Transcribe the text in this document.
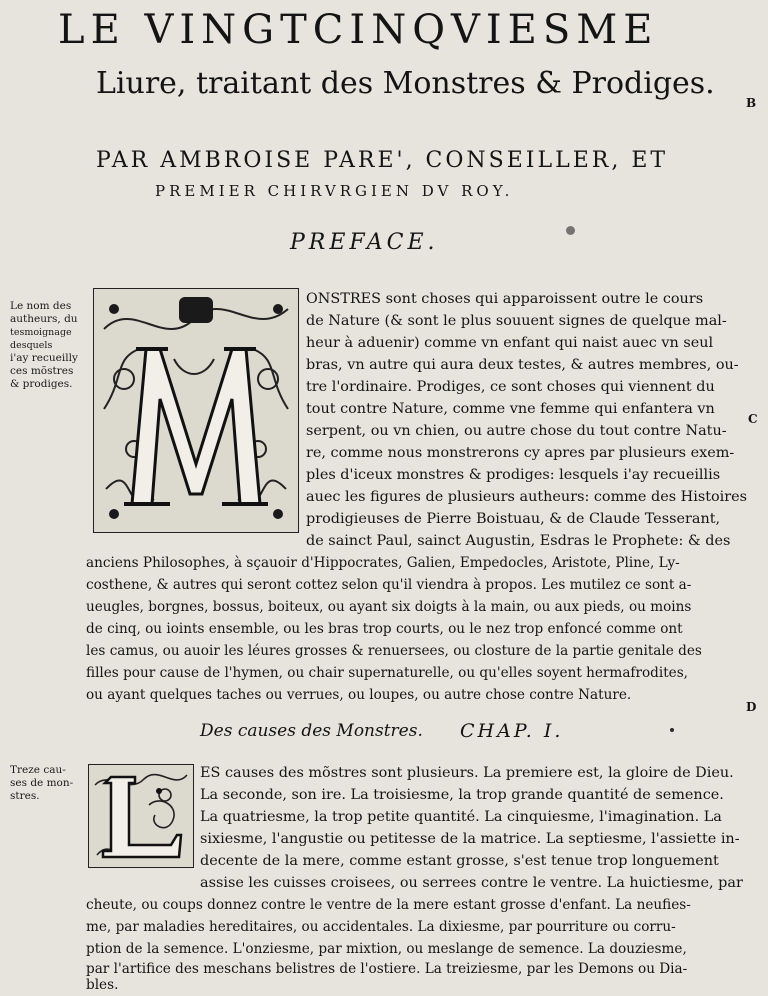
LE VINGTCINQVIESME
Liure, traitant des Monstres & Prodiges.
B
C
D
PAR AMBROISE PARE', CONSEILLER, ET
PREMIER CHIRVRGIEN DV ROY.
PREFACE.
Le nom des
autheurs, du
tesmoignage desquels
i'ay recueilly
ces mõstres
& prodiges.
ONSTRES sont choses qui apparoissent outre le cours
de Nature (& sont le plus souuent signes de quelque mal-
heur à aduenir) comme vn enfant qui naist auec vn seul
bras, vn autre qui aura deux testes, & autres membres, ou-
tre l'ordinaire. Prodiges, ce sont choses qui viennent du
tout contre Nature, comme vne femme qui enfantera vn
serpent, ou vn chien, ou autre chose du tout contre Natu-
re, comme nous monstrerons cy apres par plusieurs exem-
ples d'iceux monstres & prodiges: lesquels i'ay recueillis
auec les figures de plusieurs autheurs: comme des Histoires
prodigieuses de Pierre Boistuau, & de Claude Tesserant,
de sainct Paul, sainct Augustin, Esdras le Prophete: & des
anciens Philosophes, à sçauoir d'Hippocrates, Galien, Empedocles, Aristote, Pline, Ly-
costhene, & autres qui seront cottez selon qu'il viendra à propos. Les mutilez ce sont a-
ueugles, borgnes, bossus, boiteux, ou ayant six doigts à la main, ou aux pieds, ou moins
de cinq, ou ioints ensemble, ou les bras trop courts, ou le nez trop enfoncé comme ont
les camus, ou auoir les léures grosses & renuersees, ou closture de la partie genitale des
filles pour cause de l'hymen, ou chair supernaturelle, ou qu'elles soyent hermafrodites,
ou ayant quelques taches ou verrues, ou loupes, ou autre chose contre Nature.
Des causes des Monstres. CHAP. I.
Treze cau-
ses de mon-
stres.
ES causes des mõstres sont plusieurs. La premiere est, la gloire de Dieu.
La seconde, son ire. La troisiesme, la trop grande quantité de semence.
La quatriesme, la trop petite quantité. La cinquiesme, l'imagination. La
sixiesme, l'angustie ou petitesse de la matrice. La septiesme, l'assiette in-
decente de la mere, comme estant grosse, s'est tenue trop longuement
assise les cuisses croisees, ou serrees contre le ventre. La huictiesme, par
cheute, ou coups donnez contre le ventre de la mere estant grosse d'enfant. La neufies-
me, par maladies hereditaires, ou accidentales. La dixiesme, par pourriture ou corru-
ption de la semence. L'onziesme, par mixtion, ou meslange de semence. La douziesme,
par l'artifice des meschans belistres de l'ostiere. La treiziesme, par les Demons ou Dia-
bles.
